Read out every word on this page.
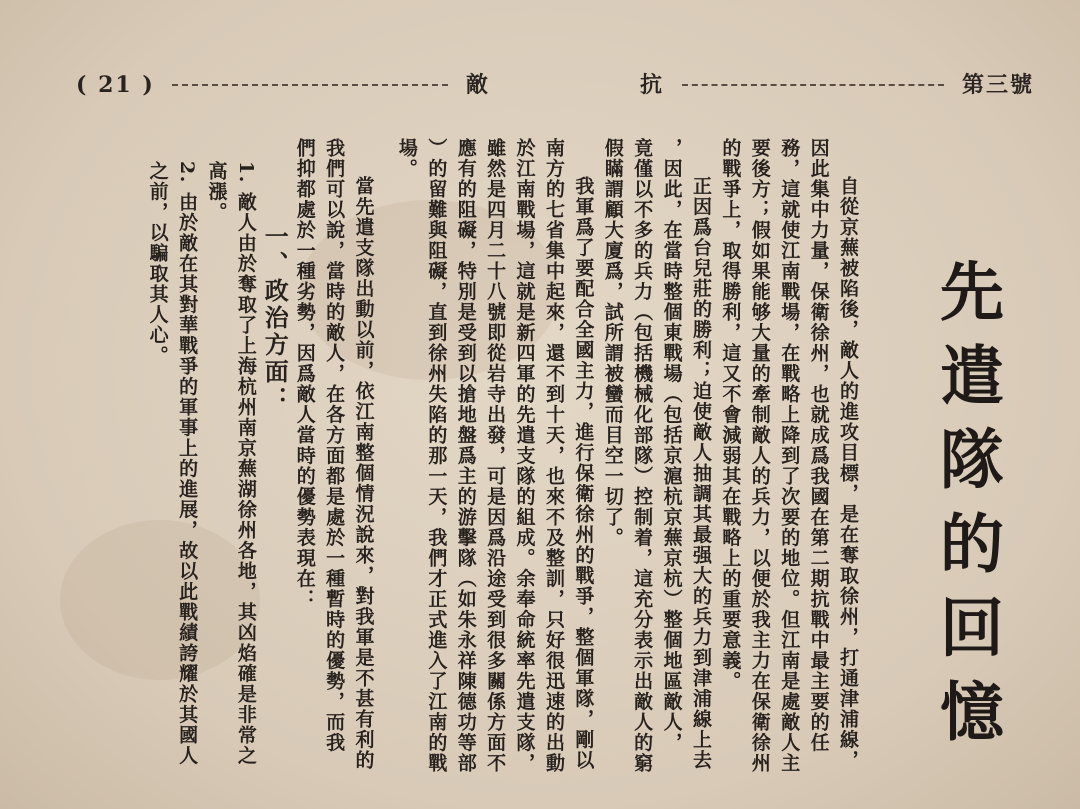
( 21 )	敵	抗	第三號
先遣隊的回憶
自從京蕪被陷後，敵人的進攻目標，是在奪取徐州，打通津浦線，
因此集中力量，保衛徐州，也就成爲我國在第二期抗戰中最主要的任
務，這就使江南戰場，在戰略上降到了次要的地位。但江南是處敵人主
要後方；假如果能够大量的牽制敵人的兵力，以便於我主力在保衛徐州
的戰爭上，取得勝利，這又不會減弱其在戰略上的重要意義。
正因爲台兒莊的勝利；迫使敵人抽調其最强大的兵力到津浦線上去
，因此，在當時整個東戰場（包括京滬杭京蕪京杭）整個地區敵人，
竟僅以不多的兵力（包括機械化部隊）控制着，這充分表示出敵人的窮
假瞞謂顧大廈爲，試所謂被蠻而目空一切了。
我軍爲了要配合全國主力，進行保衛徐州的戰爭，整個軍隊，剛以
南方的七省集中起來，還不到十天，也來不及整訓，只好很迅速的出動
於江南戰場，這就是新四軍的先遣支隊的組成。余奉命統率先遣支隊，
雖然是四月二十八號即從岩寺出發，可是因爲沿途受到很多關係方面不
應有的阻礙，特別是受到以搶地盤爲主的游擊隊（如朱永祥陳德功等部
）的留難與阻礙，直到徐州失陷的那一天，我們才正式進入了江南的戰
場。
當先遣支隊出動以前，依江南整個情況說來，對我軍是不甚有利的
我們可以說，當時的敵人，在各方面都是處於一種暫時的優勢，而我
們抑都處於一種劣勢，因爲敵人當時的優勢表現在：
一、政治方面：
1. 敵人由於奪取了上海杭州南京蕪湖徐州各地，其凶焰確是非常之
高漲。
2. 由於敵在其對華戰爭的軍事上的進展，故以此戰績誇耀於其國人
之前，以騙取其人心。
